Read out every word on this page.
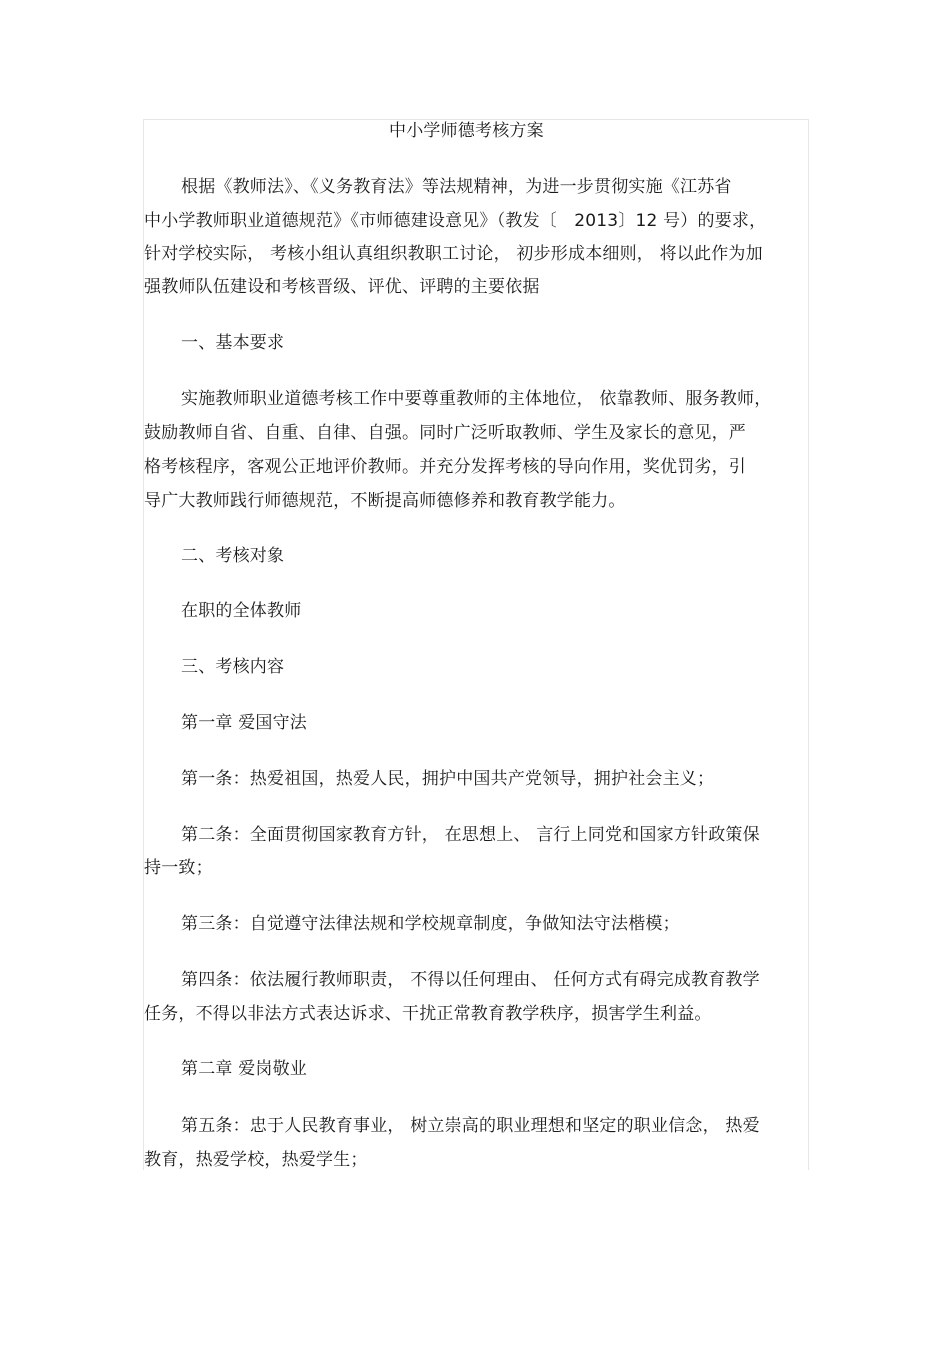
中小学师德考核方案
根据《教师法》、《义务教育法》等法规精神，为进一步贯彻实施《江苏省
中小学教师职业道德规范》《市师德建设意见》（教发〔　2013〕12 号）的要求，
针对学校实际， 考核小组认真组织教职工讨论， 初步形成本细则， 将以此作为加
强教师队伍建设和考核晋级、评优、评聘的主要依据
一、基本要求
实施教师职业道德考核工作中要尊重教师的主体地位， 依靠教师、服务教师，
鼓励教师自省、自重、自律、自强。同时广泛听取教师、学生及家长的意见，严
格考核程序，客观公正地评价教师。并充分发挥考核的导向作用，奖优罚劣，引
导广大教师践行师德规范，不断提高师德修养和教育教学能力。
二、考核对象
在职的全体教师
三、考核内容
第一章 爱国守法
第一条：热爱祖国，热爱人民，拥护中国共产党领导，拥护社会主义；
第二条：全面贯彻国家教育方针， 在思想上、 言行上同党和国家方针政策保
持一致；
第三条：自觉遵守法律法规和学校规章制度，争做知法守法楷模；
第四条：依法履行教师职责， 不得以任何理由、 任何方式有碍完成教育教学
任务，不得以非法方式表达诉求、干扰正常教育教学秩序，损害学生利益。
第二章 爱岗敬业
第五条：忠于人民教育事业， 树立崇高的职业理想和坚定的职业信念， 热爱
教育，热爱学校，热爱学生；
